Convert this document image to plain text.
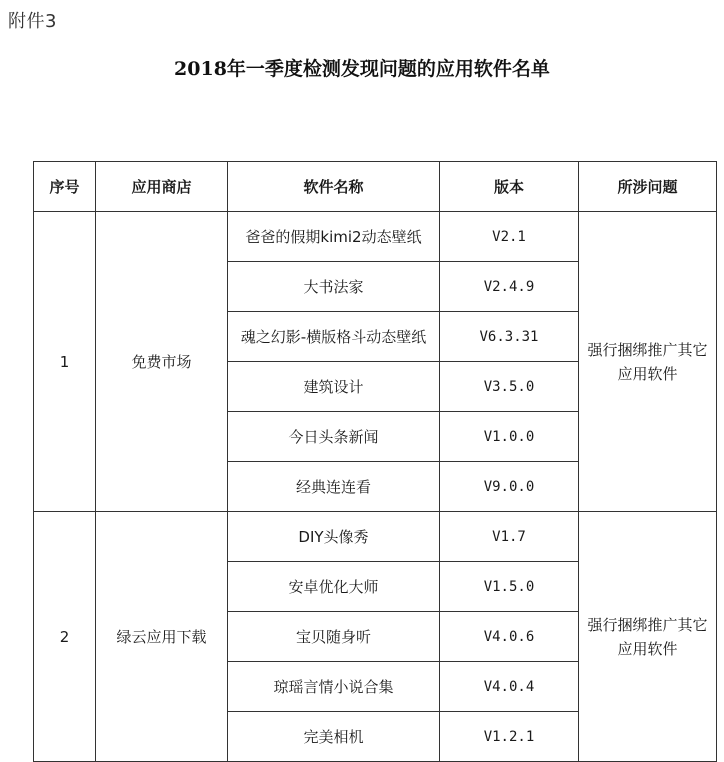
附件3
2018年一季度检测发现问题的应用软件名单
序号	应用商店	软件名称	版本	所涉问题
1	免费市场	爸爸的假期kimi2动态壁纸	V2.1	强行捆绑推广其它应用软件
		大书法家	V2.4.9	
		魂之幻影-横版格斗动态壁纸	V6.3.31	
		建筑设计	V3.5.0	
		今日头条新闻	V1.0.0	
		经典连连看	V9.0.0	
2	绿云应用下载	DIY头像秀	V1.7	强行捆绑推广其它应用软件
		安卓优化大师	V1.5.0	
		宝贝随身听	V4.0.6	
		琼瑶言情小说合集	V4.0.4	
		完美相机	V1.2.1	
